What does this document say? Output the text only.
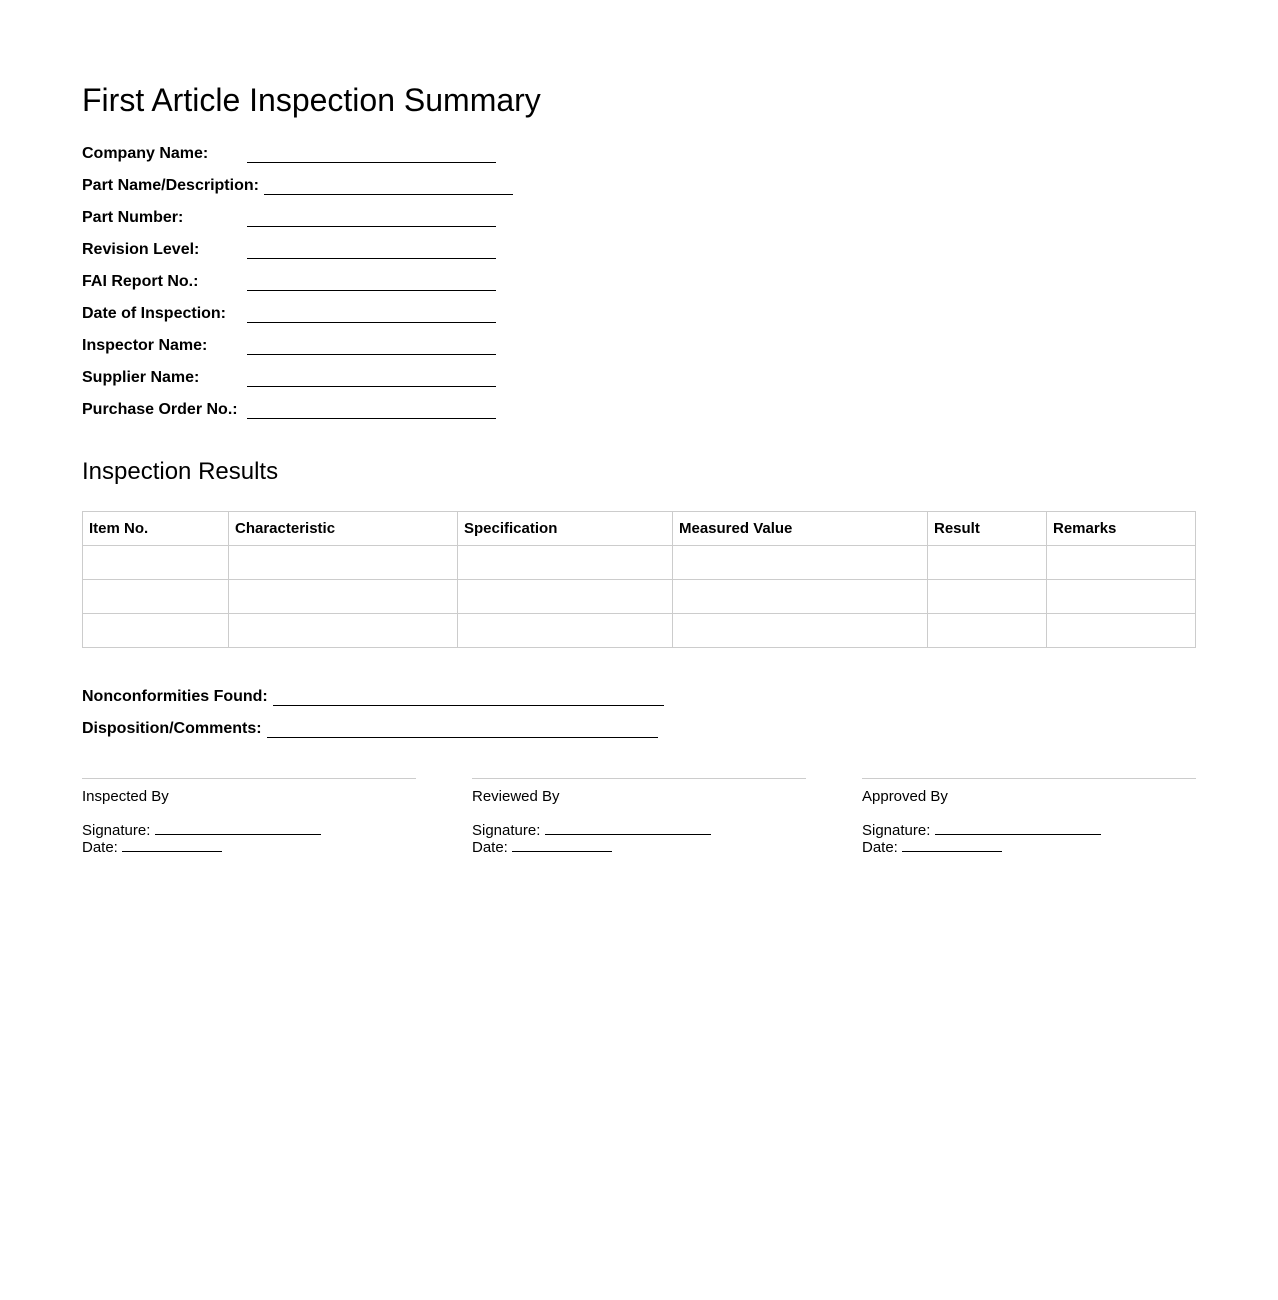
First Article Inspection Summary
Company Name:
Part Name/Description:
Part Number:
Revision Level:
FAI Report No.:
Date of Inspection:
Inspector Name:
Supplier Name:
Purchase Order No.:
Inspection Results
Item No.	Characteristic	Specification	Measured Value	Result	Remarks

Nonconformities Found:
Disposition/Comments:
Inspected By
Signature:
Date:
Reviewed By
Signature:
Date:
Approved By
Signature:
Date:
